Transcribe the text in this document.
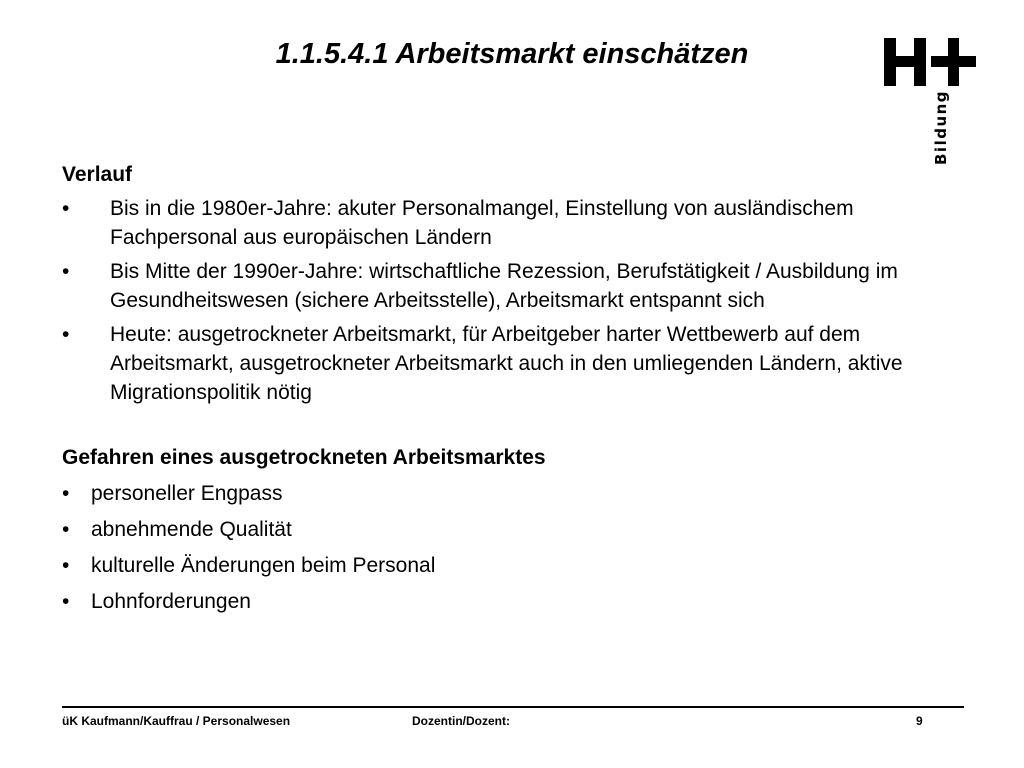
1.1.5.4.1 Arbeitsmarkt einschätzen
Bildung

Verlauf

• Bis in die 1980er-Jahre: akuter Personalmangel, Einstellung von ausländischem Fachpersonal aus europäischen Ländern
• Bis Mitte der 1990er-Jahre: wirtschaftliche Rezession, Berufstätigkeit / Ausbildung im Gesundheitswesen (sichere Arbeitsstelle), Arbeitsmarkt entspannt sich
• Heute: ausgetrockneter Arbeitsmarkt, für Arbeitgeber harter Wettbewerb auf dem Arbeitsmarkt, ausgetrockneter Arbeitsmarkt auch in den umliegenden Ländern, aktive Migrationspolitik nötig

Gefahren eines ausgetrockneten Arbeitsmarktes

• personeller Engpass
• abnehmende Qualität
• kulturelle Änderungen beim Personal
• Lohnforderungen
üK Kaufmann/Kauffrau / Personalwesen	Dozentin/Dozent:	9
